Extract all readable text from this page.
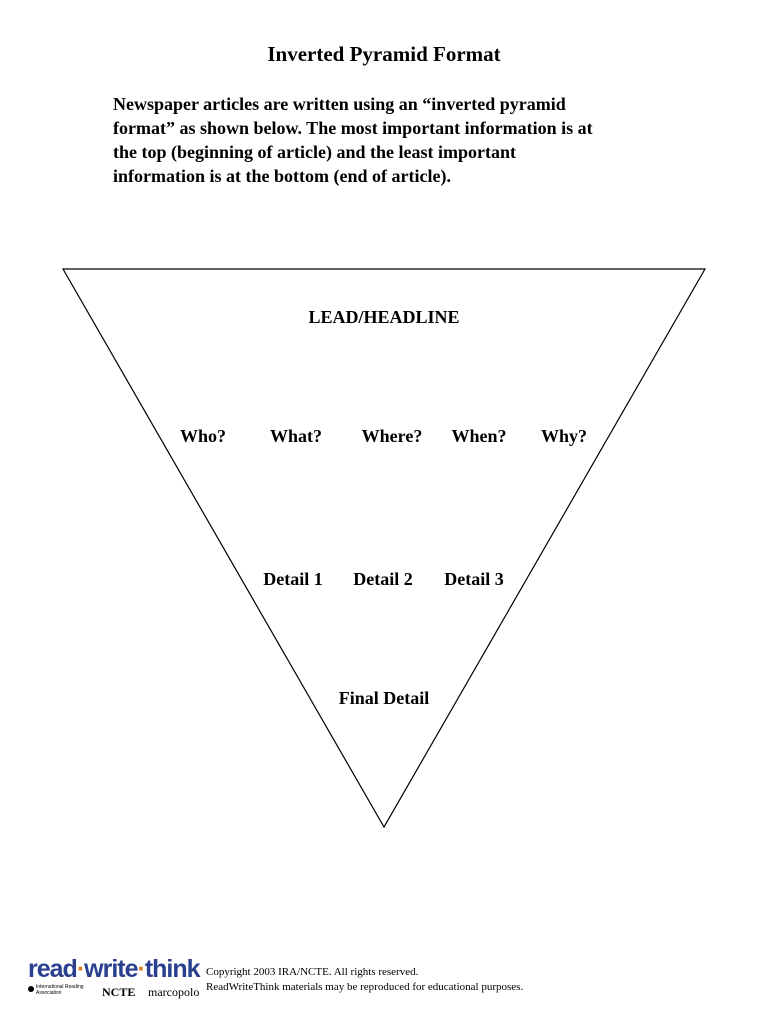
Inverted Pyramid Format

Newspaper articles are written using an “inverted pyramid
format” as shown below. The most important information is at
the top (beginning of article) and the least important
information is at the bottom (end of article).

LEAD/HEADLINE
Who? What? Where? When? Why?
Detail 1 Detail 2 Detail 3
Final Detail
read·write·think
International Reading Association	NCTE marcopolo
Copyright 2003 IRA/NCTE. All rights reserved.
ReadWriteThink materials may be reproduced for educational purposes.
